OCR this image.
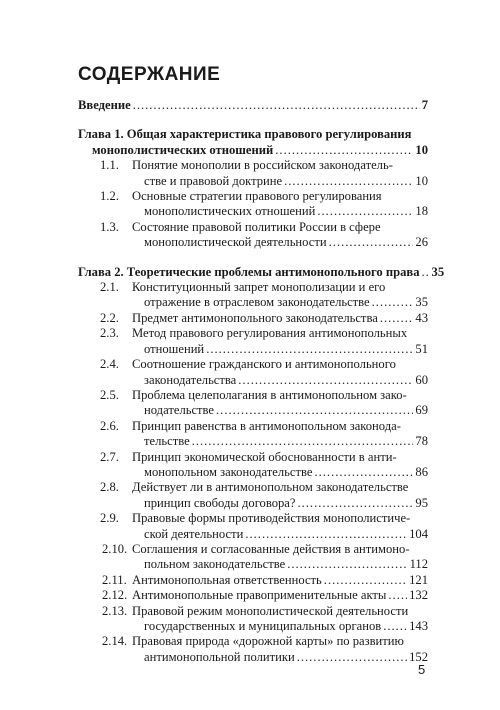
СОДЕРЖАНИЕ
Введение .....	7
Глава 1. Общая характеристика правового регулирования
монополистических отношений .....	10
1.1. Понятие монополии в российском законодатель-
стве и правовой доктрине .....	10
1.2. Основные стратегии правового регулирования
монополистических отношений .....	18
1.3. Состояние правовой политики России в сфере
монополистической деятельности .....	26
Глава 2. Теоретические проблемы антимонопольного права ..... 35
2.1. Конституционный запрет монополизации и его
отражение в отраслевом законодательстве .....	35
2.2. Предмет антимонопольного законодательства .....	43
2.3. Метод правового регулирования антимонопольных
отношений .....	51
2.4. Соотношение гражданского и антимонопольного
законодательства .....	60
2.5. Проблема целеполагания в антимонопольном зако-
нодательстве .....	69
2.6. Принцип равенства в антимонопольном законода-
тельстве .....	78
2.7. Принцип экономической обоснованности в анти-
монопольном законодательстве .....	86
2.8. Действует ли в антимонопольном законодательстве
принцип свободы договора? .....	95
2.9. Правовые формы противодействия монополистиче-
ской деятельности .....	104
2.10. Соглашения и согласованные действия в антимоно-
польном законодательстве .....	112
2.11. Антимонопольная ответственность .....	121
2.12. Антимонопольные правоприменительные акты ..... 132
2.13. Правовой режим монополистической деятельности
государственных и муниципальных органов ..... 143
2.14. Правовая природа «дорожной карты» по развитию
антимонопольной политики .....	152
5
